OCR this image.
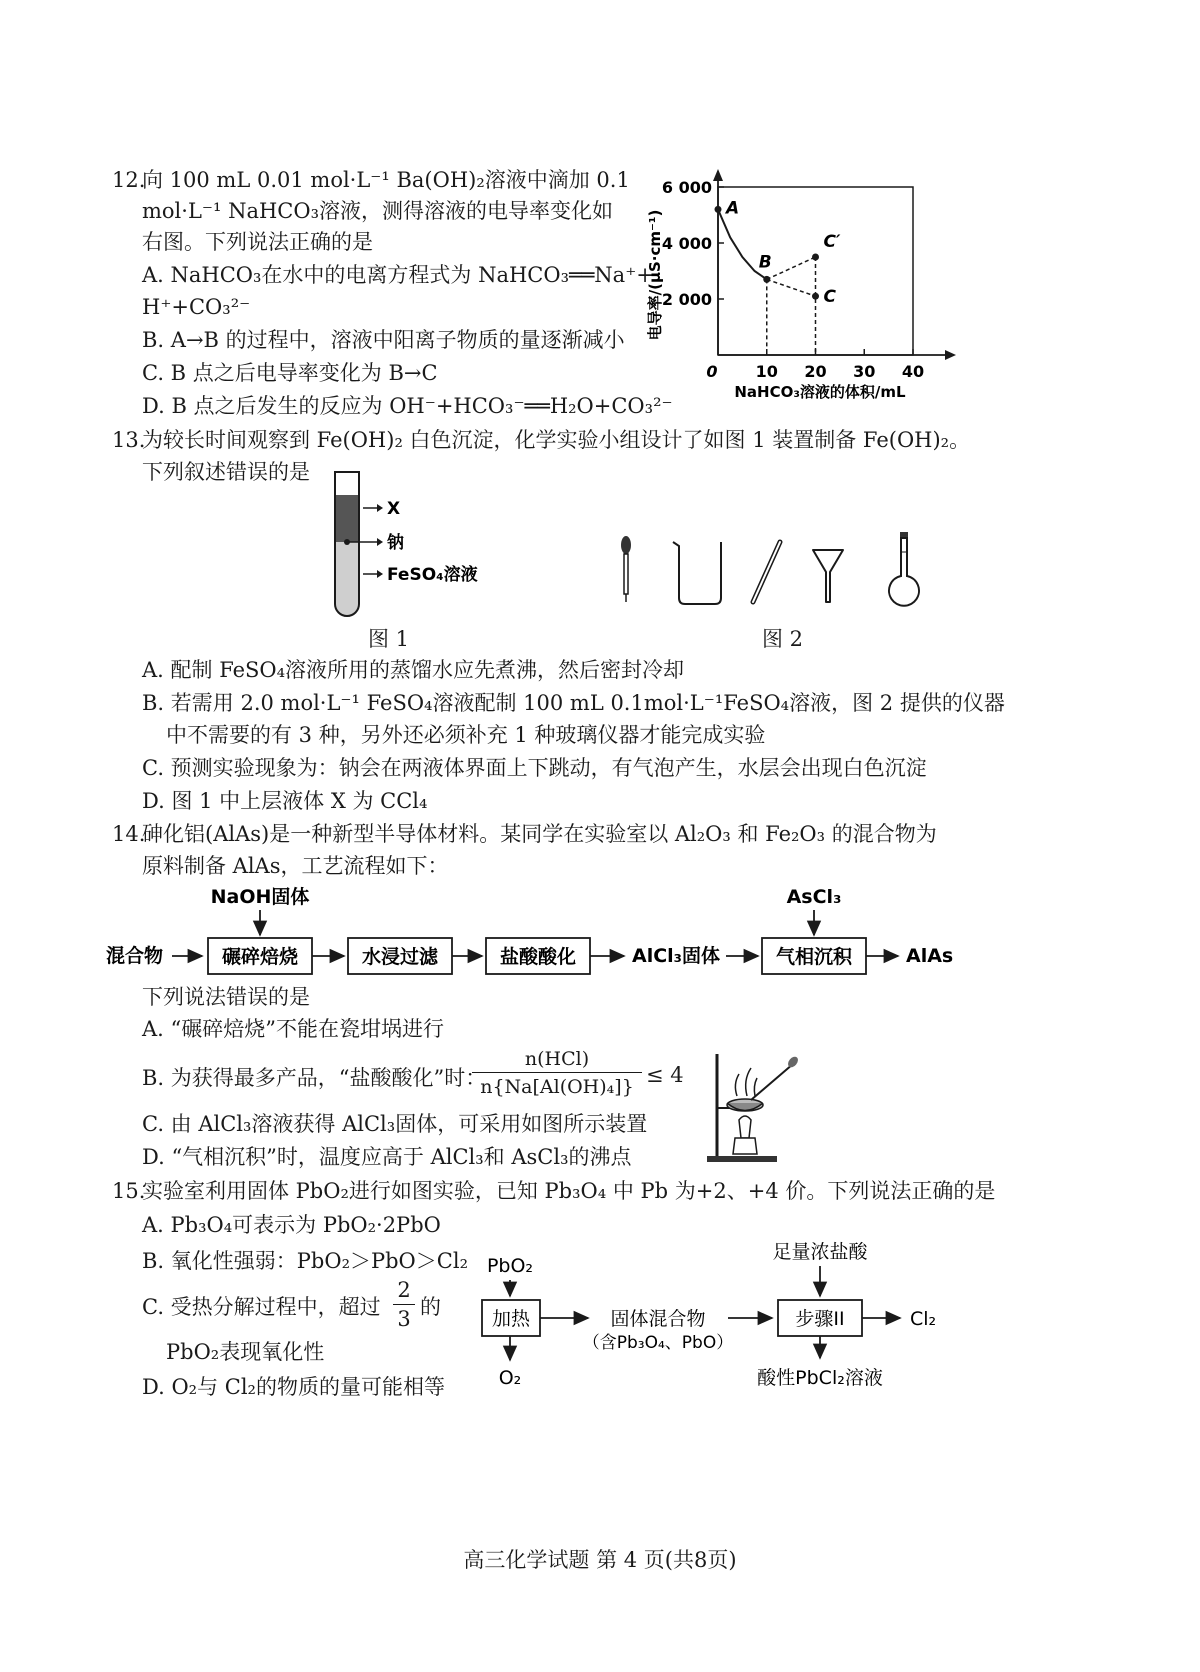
12.
向 100 mL 0.01 mol·L⁻¹ Ba(OH)₂溶液中滴加 0.1
mol·L⁻¹ NaHCO₃溶液，测得溶液的电导率变化如
右图。下列说法正确的是
A. NaHCO₃在水中的电离方程式为 NaHCO₃══Na⁺+
H⁺+CO₃²⁻
B. A→B 的过程中，溶液中阳离子物质的量逐渐减小
C. B 点之后电导率变化为 B→C
D. B 点之后发生的反应为 OH⁻+HCO₃⁻══H₂O+CO₃²⁻
0 10 20 30 40
2 000
4 000
6 000
A
B
C′
C
NaHCO₃溶液的体积/mL
电导率/(μS·cm⁻¹)
13.
为较长时间观察到 Fe(OH)₂ 白色沉淀，化学实验小组设计了如图 1 装置制备 Fe(OH)₂。
下列叙述错误的是
X
钠
FeSO₄溶液
图 1	图 2
A. 配制 FeSO₄溶液所用的蒸馏水应先煮沸，然后密封冷却
B. 若需用 2.0 mol·L⁻¹ FeSO₄溶液配制 100 mL 0.1mol·L⁻¹FeSO₄溶液，图 2 提供的仪器
中不需要的有 3 种，另外还必须补充 1 种玻璃仪器才能完成实验
C. 预测实验现象为：钠会在两液体界面上下跳动，有气泡产生，水层会出现白色沉淀
D. 图 1 中上层液体 X 为 CCl₄
14.
砷化铝(AlAs)是一种新型半导体材料。某同学在实验室以 Al₂O₃ 和 Fe₂O₃ 的混合物为
原料制备 AlAs，工艺流程如下：
混合物
NaOH固体
碾碎焙烧	水浸过滤	盐酸酸化	AlCl₃固体
AsCl₃
气相沉积	AlAs
下列说法错误的是
A. “碾碎焙烧”不能在瓷坩埚进行
B. 为获得最多产品，“盐酸酸化”时：
n(HCl)
n{Na[Al(OH)₄]} ≤ 4
C. 由 AlCl₃溶液获得 AlCl₃固体，可采用如图所示装置
D. “气相沉积”时，温度应高于 AlCl₃和 AsCl₃的沸点
15.
实验室利用固体 PbO₂进行如图实验，已知 Pb₃O₄ 中 Pb 为+2、+4 价。下列说法正确的是
A. Pb₃O₄可表示为 PbO₂·2PbO
B. 氧化性强弱：PbO₂＞PbO＞Cl₂
C. 受热分解过程中，超过
2
3 的
PbO₂表现氧化性
D. O₂与 Cl₂的物质的量可能相等
PbO₂
加热
O₂
固体混合物
（含Pb₃O₄、PbO）
足量浓盐酸
步骤II	Cl₂
酸性PbCl₂溶液
高三化学试题 第 4 页(共8页)
